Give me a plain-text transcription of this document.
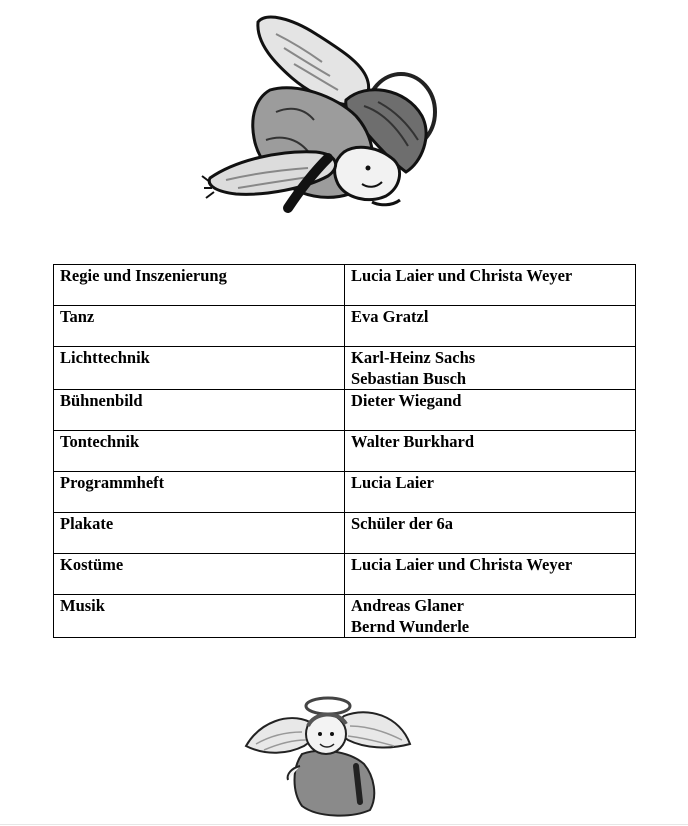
Regie und Inszenierung	Lucia Laier und Christa Weyer

Tanz	Eva Gratzl

Lichttechnik	Karl-Heinz Sachs
Sebastian Busch

Bühnenbild	Dieter Wiegand

Tontechnik	Walter Burkhard

Programmheft	Lucia Laier

Plakate	Schüler der 6a

Kostüme	Lucia Laier und Christa Weyer

Musik	Andreas Glaner
Bernd Wunderle
